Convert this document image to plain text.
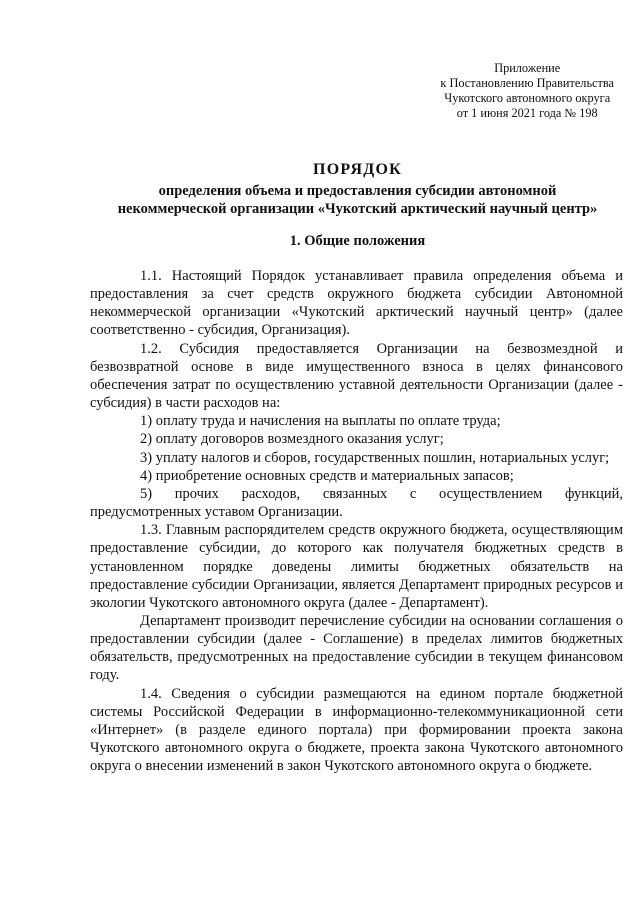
Приложение
к Постановлению Правительства
Чукотского автономного округа
от 1 июня 2021 года № 198
ПОРЯДОК
определения объема и предоставления субсидии автономной
некоммерческой организации «Чукотский арктический научный центр»
1. Общие положения

1.1. Настоящий Порядок устанавливает правила определения объема и предоставления за счет средств окружного бюджета субсидии Автономной некоммерческой организации «Чукотский арктический научный центр» (далее соответственно - субсидия, Организация).

1.2. Субсидия предоставляется Организации на безвозмездной и безвозвратной основе в виде имущественного взноса в целях финансового обеспечения затрат по осуществлению уставной деятельности Организации (далее - субсидия) в части расходов на:

1) оплату труда и начисления на выплаты по оплате труда;

2) оплату договоров возмездного оказания услуг;

3) уплату налогов и сборов, государственных пошлин, нотариальных услуг;

4) приобретение основных средств и материальных запасов;

5) прочих расходов, связанных с осуществлением функций, предусмотренных уставом Организации.

1.3. Главным распорядителем средств окружного бюджета, осуществляющим предоставление субсидии, до которого как получателя бюджетных средств в установленном порядке доведены лимиты бюджетных обязательств на предоставление субсидии Организации, является Департамент природных ресурсов и экологии Чукотского автономного округа (далее - Департамент).

Департамент производит перечисление субсидии на основании соглашения о предоставлении субсидии (далее - Соглашение) в пределах лимитов бюджетных обязательств, предусмотренных на предоставление субсидии в текущем финансовом году.

1.4. Сведения о субсидии размещаются на едином портале бюджетной системы Российской Федерации в информационно-телекоммуникационной сети «Интернет» (в разделе единого портала) при формировании проекта закона Чукотского автономного округа о бюджете, проекта закона Чукотского автономного округа о внесении изменений в закон Чукотского автономного округа о бюджете.
